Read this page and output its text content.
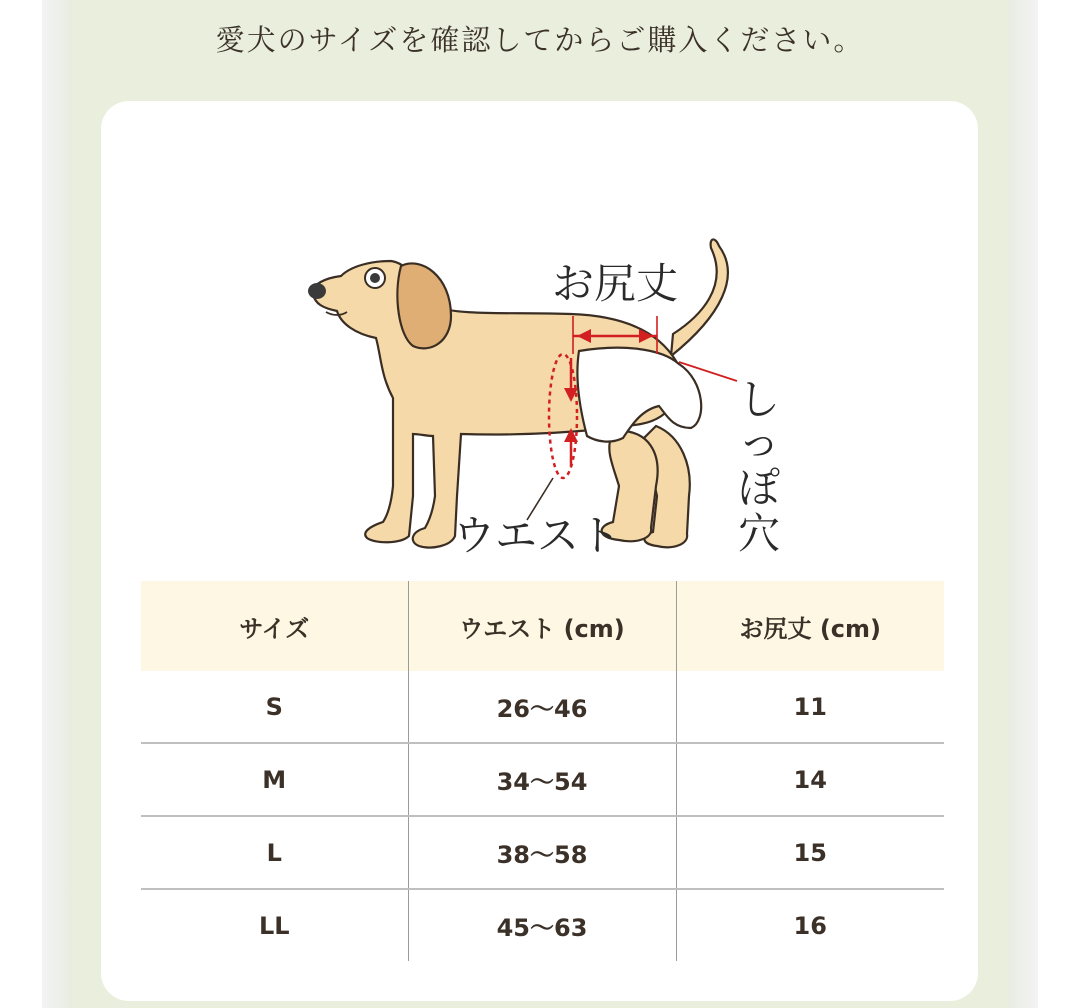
愛犬のサイズを確認してからご購入ください。
お尻丈
ウエスト
し
っ
ぽ
穴
サイズ	ウエスト (cm)	お尻丈 (cm)
S	26〜46	11
M	34〜54	14
L	38〜58	15
LL	45〜63	16
